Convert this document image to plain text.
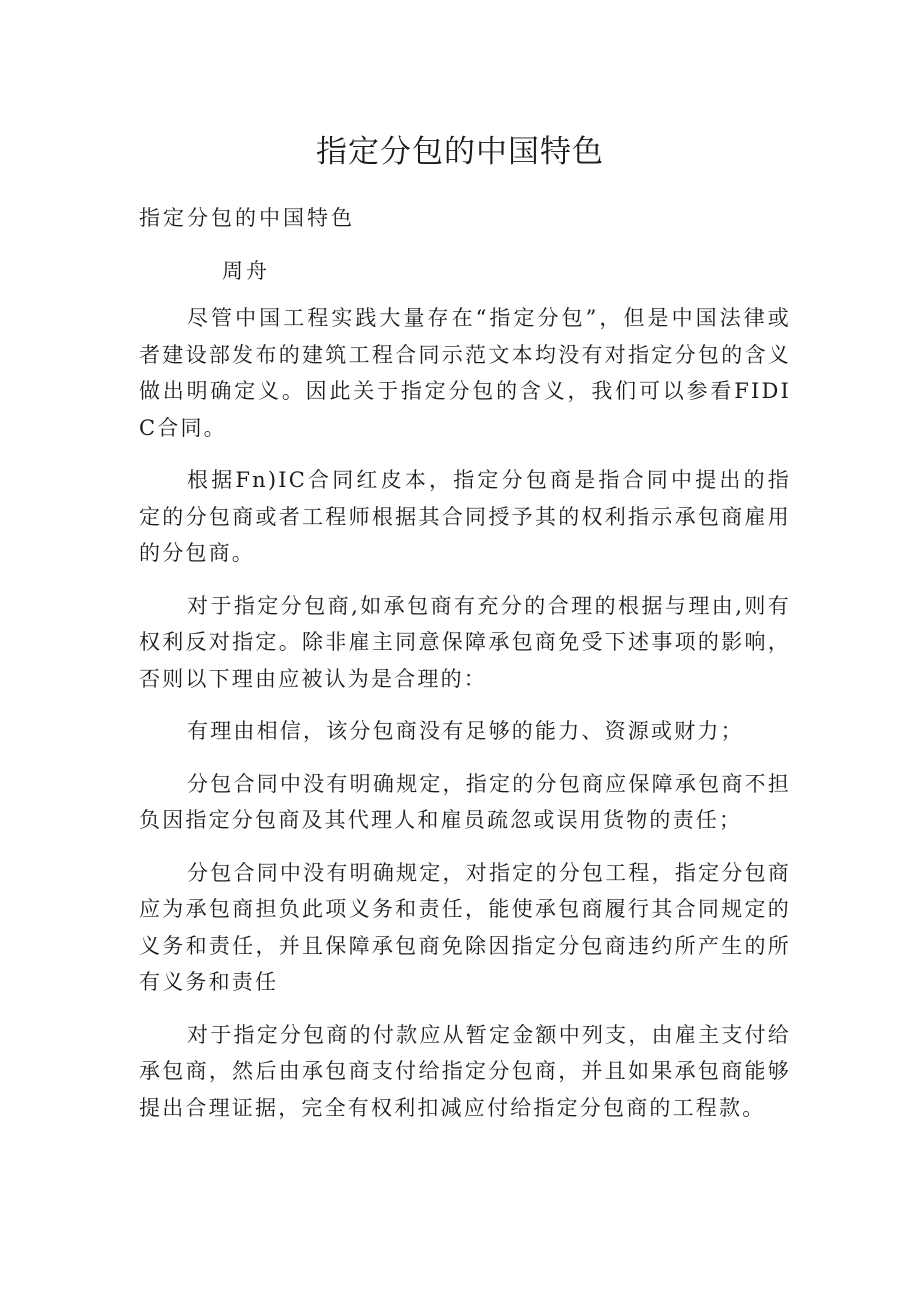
指定分包的中国特色

指定分包的中国特色

周舟

尽管中国工程实践大量存在“指定分包”，但是中国法律或者建设部发布的建筑工程合同示范文本均没有对指定分包的含义做出明确定义。因此关于指定分包的含义，我们可以参看FIDIC合同。

根据Fn)IC合同红皮本，指定分包商是指合同中提出的指定的分包商或者工程师根据其合同授予其的权利指示承包商雇用的分包商。

对于指定分包商,如承包商有充分的合理的根据与理由,则有权利反对指定。除非雇主同意保障承包商免受下述事项的影响，否则以下理由应被认为是合理的：

有理由相信，该分包商没有足够的能力、资源或财力；

分包合同中没有明确规定，指定的分包商应保障承包商不担负因指定分包商及其代理人和雇员疏忽或误用货物的责任；

分包合同中没有明确规定，对指定的分包工程，指定分包商应为承包商担负此项义务和责任，能使承包商履行其合同规定的义务和责任，并且保障承包商免除因指定分包商违约所产生的所有义务和责任

对于指定分包商的付款应从暂定金额中列支，由雇主支付给承包商，然后由承包商支付给指定分包商，并且如果承包商能够提出合理证据，完全有权利扣减应付给指定分包商的工程款。
